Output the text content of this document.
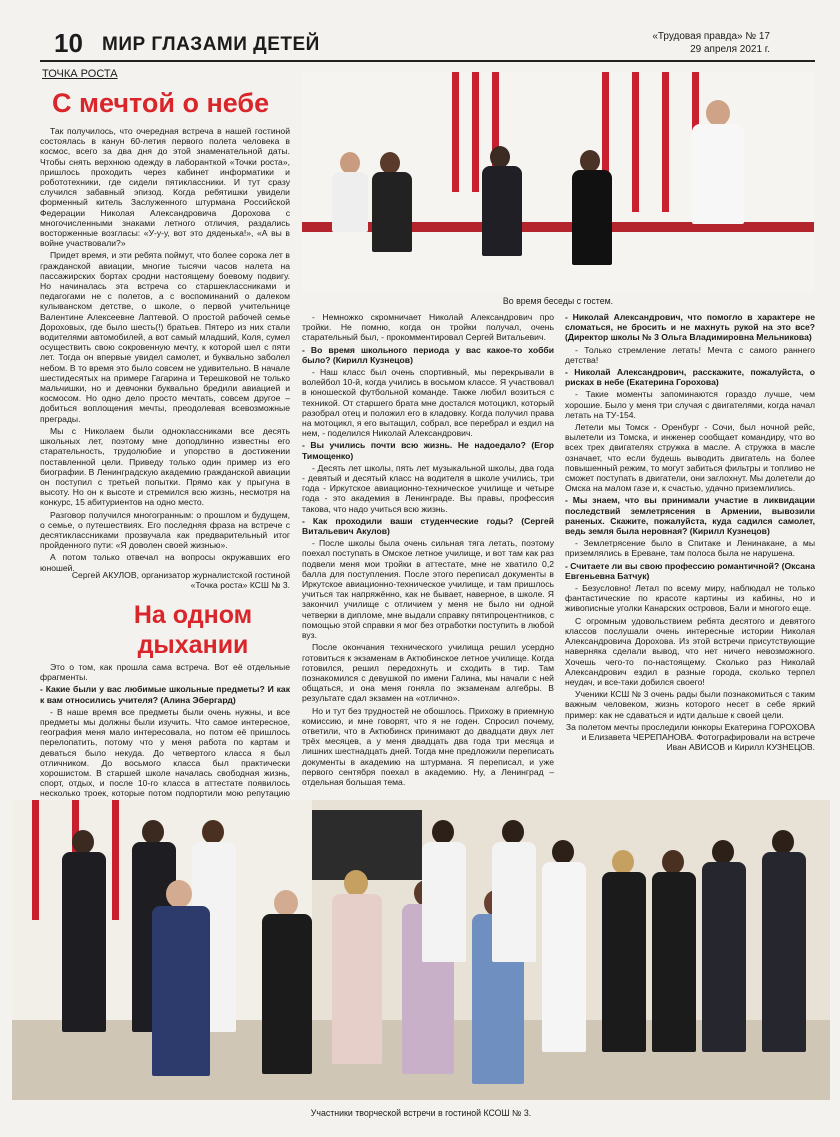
10 МИР ГЛАЗАМИ ДЕТЕЙ	«Трудовая правда» № 17
29 апреля 2021 г.
ТОЧКА РОСТА
С мечтой о небе

Так получилось, что очередная встреча в нашей гостиной состоялась в канун 60-летия первого полета человека в космос, всего за два дня до этой знаменательной даты. Чтобы снять верхнюю одежду в лаборанткой «Точки роста», пришлось проходить через кабинет информатики и робототехники, где сидели пятиклассники. И тут сразу случился забавный эпизод. Когда ребятишки увидели форменный китель Заслуженного штурмана Российской Федерации Николая Александровича Дорохова с многочисленными знаками летного отличия, раздались восторженные возгласы: «У-у-у, вот это дяденька!», «А вы в войне участвовали?»

Придет время, и эти ребята поймут, что более сорока лет в гражданской авиации, многие тысячи часов налета на пассажирских бортах сродни настоящему боевому подвигу. Но начиналась эта встреча со старшеклассниками и педагогами не с полетов, а с воспоминаний о далеком кулыванском детстве, о школе, о первой учительнице Валентине Алексеевне Лаптевой. О простой рабочей семье Дороховых, где было шесть(!) братьев. Пятеро из них стали водителями автомобилей, а вот самый младший, Коля, сумел осуществить свою сокровенную мечту, к которой шел с пяти лет. Тогда он впервые увидел самолет, и буквально заболел небом. В то время это было совсем не удивительно. В начале шестидесятых на примере Гагарина и Терешковой не только мальчишки, но и девчонки буквально бредили авиацией и космосом. Но одно дело просто мечтать, совсем другое – добиться воплощения мечты, преодолевая всевозможные преграды.

Мы с Николаем были одноклассниками все десять школьных лет, поэтому мне доподлинно известны его старательность, трудолюбие и упорство в достижении поставленной цели. Приведу только один пример из его биографии. В Ленинградскую академию гражданской авиации он поступил с третьей попытки. Прямо как у прыгуна в высоту. Но он к высоте и стремился всю жизнь, несмотря на конкурс, 15 абитуриентов на одно место.

Разговор получился многогранным: о прошлом и будущем, о семье, о путешествиях. Его последняя фраза на встрече с десятиклассниками прозвучала как предварительный итог пройденного пути: «Я доволен своей жизнью».

А потом только отвечал на вопросы окружавших его юношей.

Сергей АКУЛОВ, организатор журналистской гостиной «Точка роста» КСШ № 3.
На одном дыхании

Это о том, как прошла сама встреча. Вот её отдельные фрагменты.

- Какие были у вас любимые школьные предметы? И как к вам относились учителя? (Алина Эбергард)

- В наше время все предметы были очень нужны, и все предметы мы должны были изучить. Что самое интересное, география меня мало интересовала, но потом её пришлось перелопатить, потому что у меня работа по картам и деваться было некуда. До четвертого класса я был отличником. До восьмого класса был практически хорошистом. В старшей школе началась свободная жизнь, спорт, отдых, и после 10-го класса в аттестате появилось несколько троек, которые потом подпортили мою репутацию

- Немножко скромничает Николай Александрович про тройки. Не помню, когда он тройки получал, очень старательный был, - прокомментировал Сергей Витальевич.

- Во время школьного периода у вас какое-то хобби было? (Кирилл Кузнецов)

- Наш класс был очень спортивный, мы перекрывали в волейбол 10-й, когда учились в восьмом классе. Я участвовал в юношеской футбольной команде. Также любил возиться с техникой. От старшего брата мне достался мотоцикл, который разобрал отец и положил его в кладовку. Когда получил права на мотоцикл, я его вытащил, собрал, все перебрал и ездил на нем, - поделился Николай Александрович.

- Вы учились почти всю жизнь. Не надоедало? (Егор Тимощенко)

- Десять лет школы, пять лет музыкальной школы, два года - девятый и десятый класс на водителя в школе учились, три года - Иркутское авиационно-техническое училище и четыре года - это академия в Ленинграде. Вы правы, профессия такова, что надо учиться всю жизнь.

- Как проходили ваши студенческие годы? (Сергей Витальевич Акулов)

- После школы была очень сильная тяга летать, поэтому поехал поступать в Омское летное училище, и вот там как раз подвели меня мои тройки в аттестате, мне не хватило 0,2 балла для поступления. После этого переписал документы в Иркутское авиационно-техническое училище, и там пришлось учиться так напряжённо, как не бывает, наверное, в школе. Я закончил училище с отличием у меня не было ни одной четверки в дипломе, мне выдали справку пятипроцентников, с помощью этой справки я мог без отработки поступить в любой вуз.

После окончания технического училища решил усердно готовиться к экзаменам в Актюбинское летное училище. Когда готовился, решил передохнуть и сходить в тир. Там познакомился с девушкой по имени Галина, мы начали с ней общаться, и она меня гоняла по экзаменам алгебры. В результате сдал экзамен на «отлично».

Но и тут без трудностей не обошлось. Прихожу в приемную комиссию, и мне говорят, что я не годен. Спросил почему, ответили, что в Актюбинск принимают до двадцати двух лет трёх месяцев, а у меня двадцать два года три месяца и лишних шестнадцать дней. Тогда мне предложили переписать документы в академию на штурмана. Я переписал, и уже первого сентября поехал в академию. Ну, а Ленинград – отдельная большая тема.

- Николай Александрович, что помогло в характере не сломаться, не бросить и не махнуть рукой на это все? (Директор школы № 3 Ольга Владимировна Мельникова)

- Только стремление летать! Мечта с самого раннего детства!

- Николай Александрович, расскажите, пожалуйста, о рисках в небе (Екатерина Горохова)

- Такие моменты запоминаются гораздо лучше, чем хорошие. Было у меня три случая с двигателями, когда начал летать на ТУ-154.

Летели мы Томск - Оренбург - Сочи, был ночной рейс, вылетели из Томска, и инженер сообщает командиру, что во всех трех двигателях стружка в масле. А стружка в масле означает, что если будешь выводить двигатель на более повышенный режим, то могут забиться фильтры и топливо не сможет поступать в двигатели, они заглохнут. Мы долетели до Омска на малом газе и, к счастью, удачно приземлились.

- Мы знаем, что вы принимали участие в ликвидации последствий землетрясения в Армении, вывозили раненых. Скажите, пожалуйста, куда садился самолет, ведь земля была неровная? (Кирилл Кузнецов)

- Землетрясение было в Спитаке и Ленинакане, а мы приземлялись в Ереване, там полоса была не нарушена.

- Считаете ли вы свою профессию романтичной? (Оксана Евгеньевна Батчук)

- Безусловно! Летал по всему миру, наблюдал не только фантастические по красоте картины из кабины, но и живописные уголки Канарских островов, Бали и многого еще.

С огромным удовольствием ребята десятого и девятого классов послушали очень интересные истории Николая Александровича Дорохова. Из этой встречи присутствующие наверняка сделали вывод, что нет ничего невозможного. Хочешь чего-то по-настоящему. Сколько раз Николай Александрович ездил в разные города, сколько терпел неудач, и все-таки добился своего!

Ученики КСШ № 3 очень рады были познакомиться с таким важным человеком, жизнь которого несет в себе яркий пример: как не сдаваться и идти дальше к своей цели.

За полетом мечты проследили юнкоры Екатерина ГОРОХОВА и Елизавета ЧЕРЕПАНОВА. Фотографировали на встрече Иван АВИСОВ и Кирилл КУЗНЕЦОВ.

Во время беседы с гостем.
Участники творческой встречи в гостиной КСОШ № 3.
